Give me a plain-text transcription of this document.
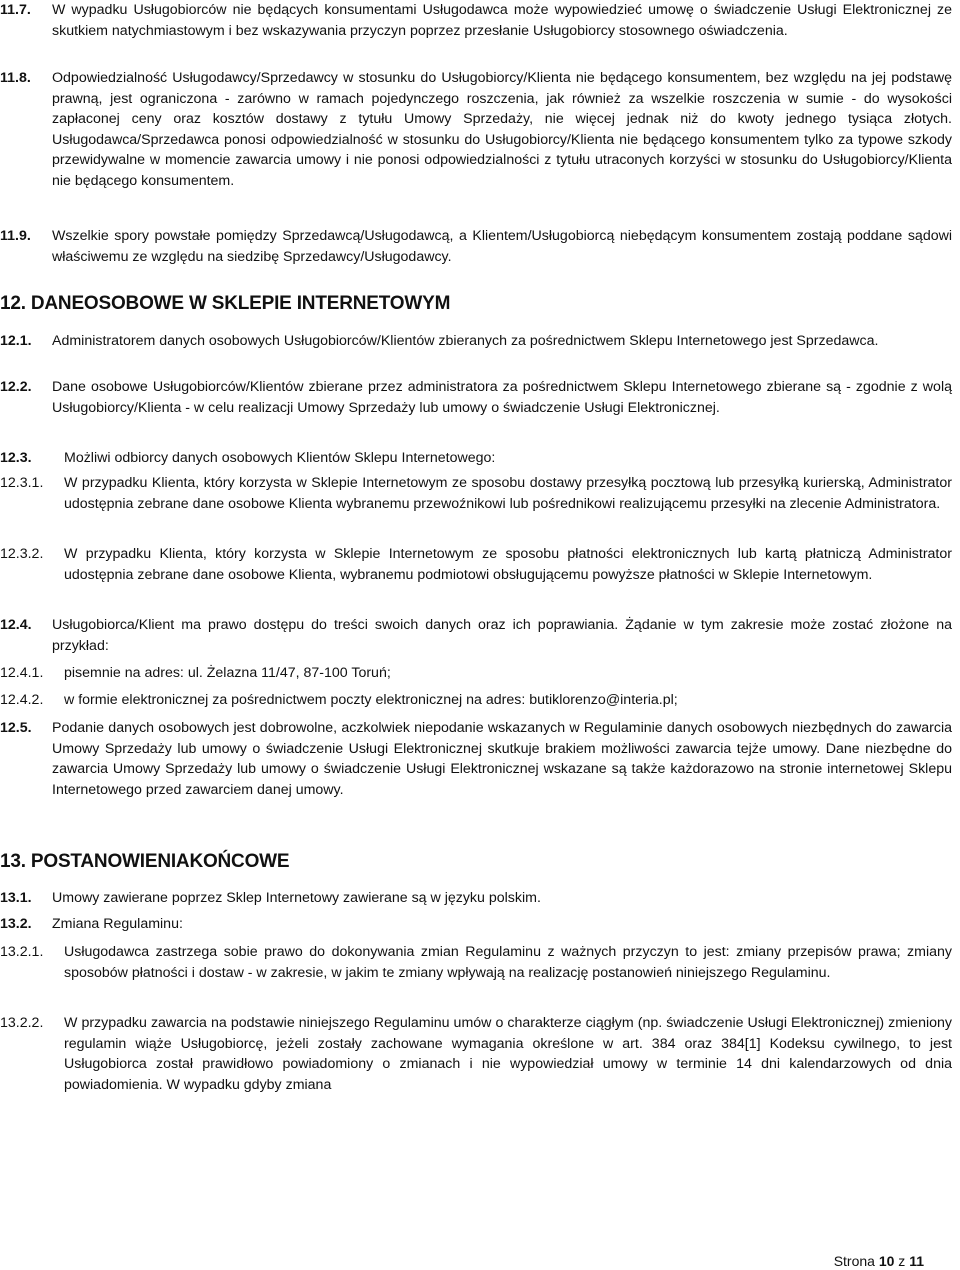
11.7. W wypadku Usługobiorców nie będących konsumentami Usługodawca może wypowiedzieć umowę o świadczenie Usługi Elektronicznej ze skutkiem natychmiastowym i bez wskazywania przyczyn poprzez przesłanie Usługobiorcy stosownego oświadczenia.
11.8. Odpowiedzialność Usługodawcy/Sprzedawcy w stosunku do Usługobiorcy/Klienta nie będącego konsumentem, bez względu na jej podstawę prawną, jest ograniczona - zarówno w ramach pojedynczego roszczenia, jak również za wszelkie roszczenia w sumie - do wysokości zapłaconej ceny oraz kosztów dostawy z tytułu Umowy Sprzedaży, nie więcej jednak niż do kwoty jednego tysiąca złotych. Usługodawca/Sprzedawca ponosi odpowiedzialność w stosunku do Usługobiorcy/Klienta nie będącego konsumentem tylko za typowe szkody przewidywalne w momencie zawarcia umowy i nie ponosi odpowiedzialności z tytułu utraconych korzyści w stosunku do Usługobiorcy/Klienta nie będącego konsumentem.
11.9. Wszelkie spory powstałe pomiędzy Sprzedawcą/Usługodawcą, a Klientem/Usługobiorcą niebędącym konsumentem zostają poddane sądowi właściwemu ze względu na siedzibę Sprzedawcy/Usługodawcy.
12. DANEOSOBOWE W SKLEPIE INTERNETOWYM
12.1. Administratorem danych osobowych Usługobiorców/Klientów zbieranych za pośrednictwem Sklepu Internetowego jest Sprzedawca.
12.2. Dane osobowe Usługobiorców/Klientów zbierane przez administratora za pośrednictwem Sklepu Internetowego zbierane są - zgodnie z wolą Usługobiorcy/Klienta - w celu realizacji Umowy Sprzedaży lub umowy o świadczenie Usługi Elektronicznej.
12.3. Możliwi odbiorcy danych osobowych Klientów Sklepu Internetowego:
12.3.1. W przypadku Klienta, który korzysta w Sklepie Internetowym ze sposobu dostawy przesyłką pocztową lub przesyłką kurierską, Administrator udostępnia zebrane dane osobowe Klienta wybranemu przewoźnikowi lub pośrednikowi realizującemu przesyłki na zlecenie Administratora.
12.3.2. W przypadku Klienta, który korzysta w Sklepie Internetowym ze sposobu płatności elektronicznych lub kartą płatniczą Administrator udostępnia zebrane dane osobowe Klienta, wybranemu podmiotowi obsługującemu powyższe płatności w Sklepie Internetowym.
12.4. Usługobiorca/Klient ma prawo dostępu do treści swoich danych oraz ich poprawiania. Żądanie w tym zakresie może zostać złożone na przykład:
12.4.1. pisemnie na adres: ul. Żelazna 11/47, 87-100 Toruń;
12.4.2. w formie elektronicznej za pośrednictwem poczty elektronicznej na adres: butiklorenzo@interia.pl;
12.5. Podanie danych osobowych jest dobrowolne, aczkolwiek niepodanie wskazanych w Regulaminie danych osobowych niezbędnych do zawarcia Umowy Sprzedaży lub umowy o świadczenie Usługi Elektronicznej skutkuje brakiem możliwości zawarcia tejże umowy. Dane niezbędne do zawarcia Umowy Sprzedaży lub umowy o świadczenie Usługi Elektronicznej wskazane są także każdorazowo na stronie internetowej Sklepu Internetowego przed zawarciem danej umowy.
13. POSTANOWIENIAKOŃCOWE
13.1. Umowy zawierane poprzez Sklep Internetowy zawierane są w języku polskim.
13.2. Zmiana Regulaminu:
13.2.1. Usługodawca zastrzega sobie prawo do dokonywania zmian Regulaminu z ważnych przyczyn to jest: zmiany przepisów prawa; zmiany sposobów płatności i dostaw - w zakresie, w jakim te zmiany wpływają na realizację postanowień niniejszego Regulaminu.
13.2.2. W przypadku zawarcia na podstawie niniejszego Regulaminu umów o charakterze ciągłym (np. świadczenie Usługi Elektronicznej) zmieniony regulamin wiąże Usługobiorcę, jeżeli zostały zachowane wymagania określone w art. 384 oraz 384[1] Kodeksu cywilnego, to jest Usługobiorca został prawidłowo powiadomiony o zmianach i nie wypowiedział umowy w terminie 14 dni kalendarzowych od dnia powiadomienia. W wypadku gdyby zmiana
Strona 10 z 11
